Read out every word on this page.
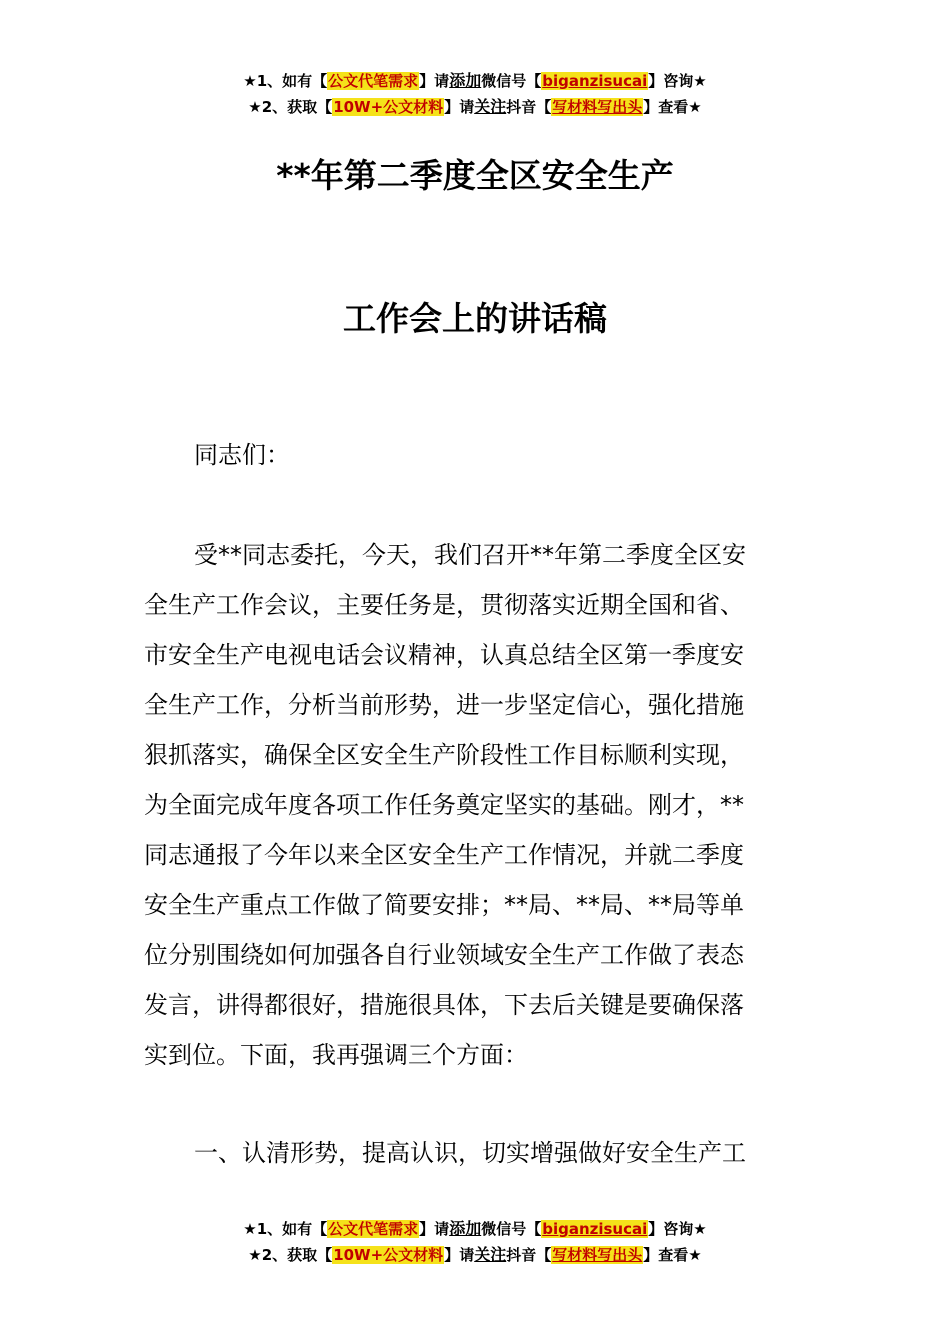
★1、如有【公文代笔需求】请添加微信号【biganzisucai】咨询★
★2、获取【10W+公文材料】请关注抖音【写材料写出头】查看★
**年第二季度全区安全生产
工作会上的讲话稿
同志们：
受**同志委托，今天，我们召开**年第二季度全区安
全生产工作会议，主要任务是，贯彻落实近期全国和省、
市安全生产电视电话会议精神，认真总结全区第一季度安
全生产工作，分析当前形势，进一步坚定信心，强化措施
狠抓落实，确保全区安全生产阶段性工作目标顺利实现，
为全面完成年度各项工作任务奠定坚实的基础。刚才，**
同志通报了今年以来全区安全生产工作情况，并就二季度
安全生产重点工作做了简要安排；**局、**局、**局等单
位分别围绕如何加强各自行业领域安全生产工作做了表态
发言，讲得都很好，措施很具体，下去后关键是要确保落
实到位。下面，我再强调三个方面：
一、认清形势，提高认识，切实增强做好安全生产工
★1、如有【公文代笔需求】请添加微信号【biganzisucai】咨询★
★2、获取【10W+公文材料】请关注抖音【写材料写出头】查看★
